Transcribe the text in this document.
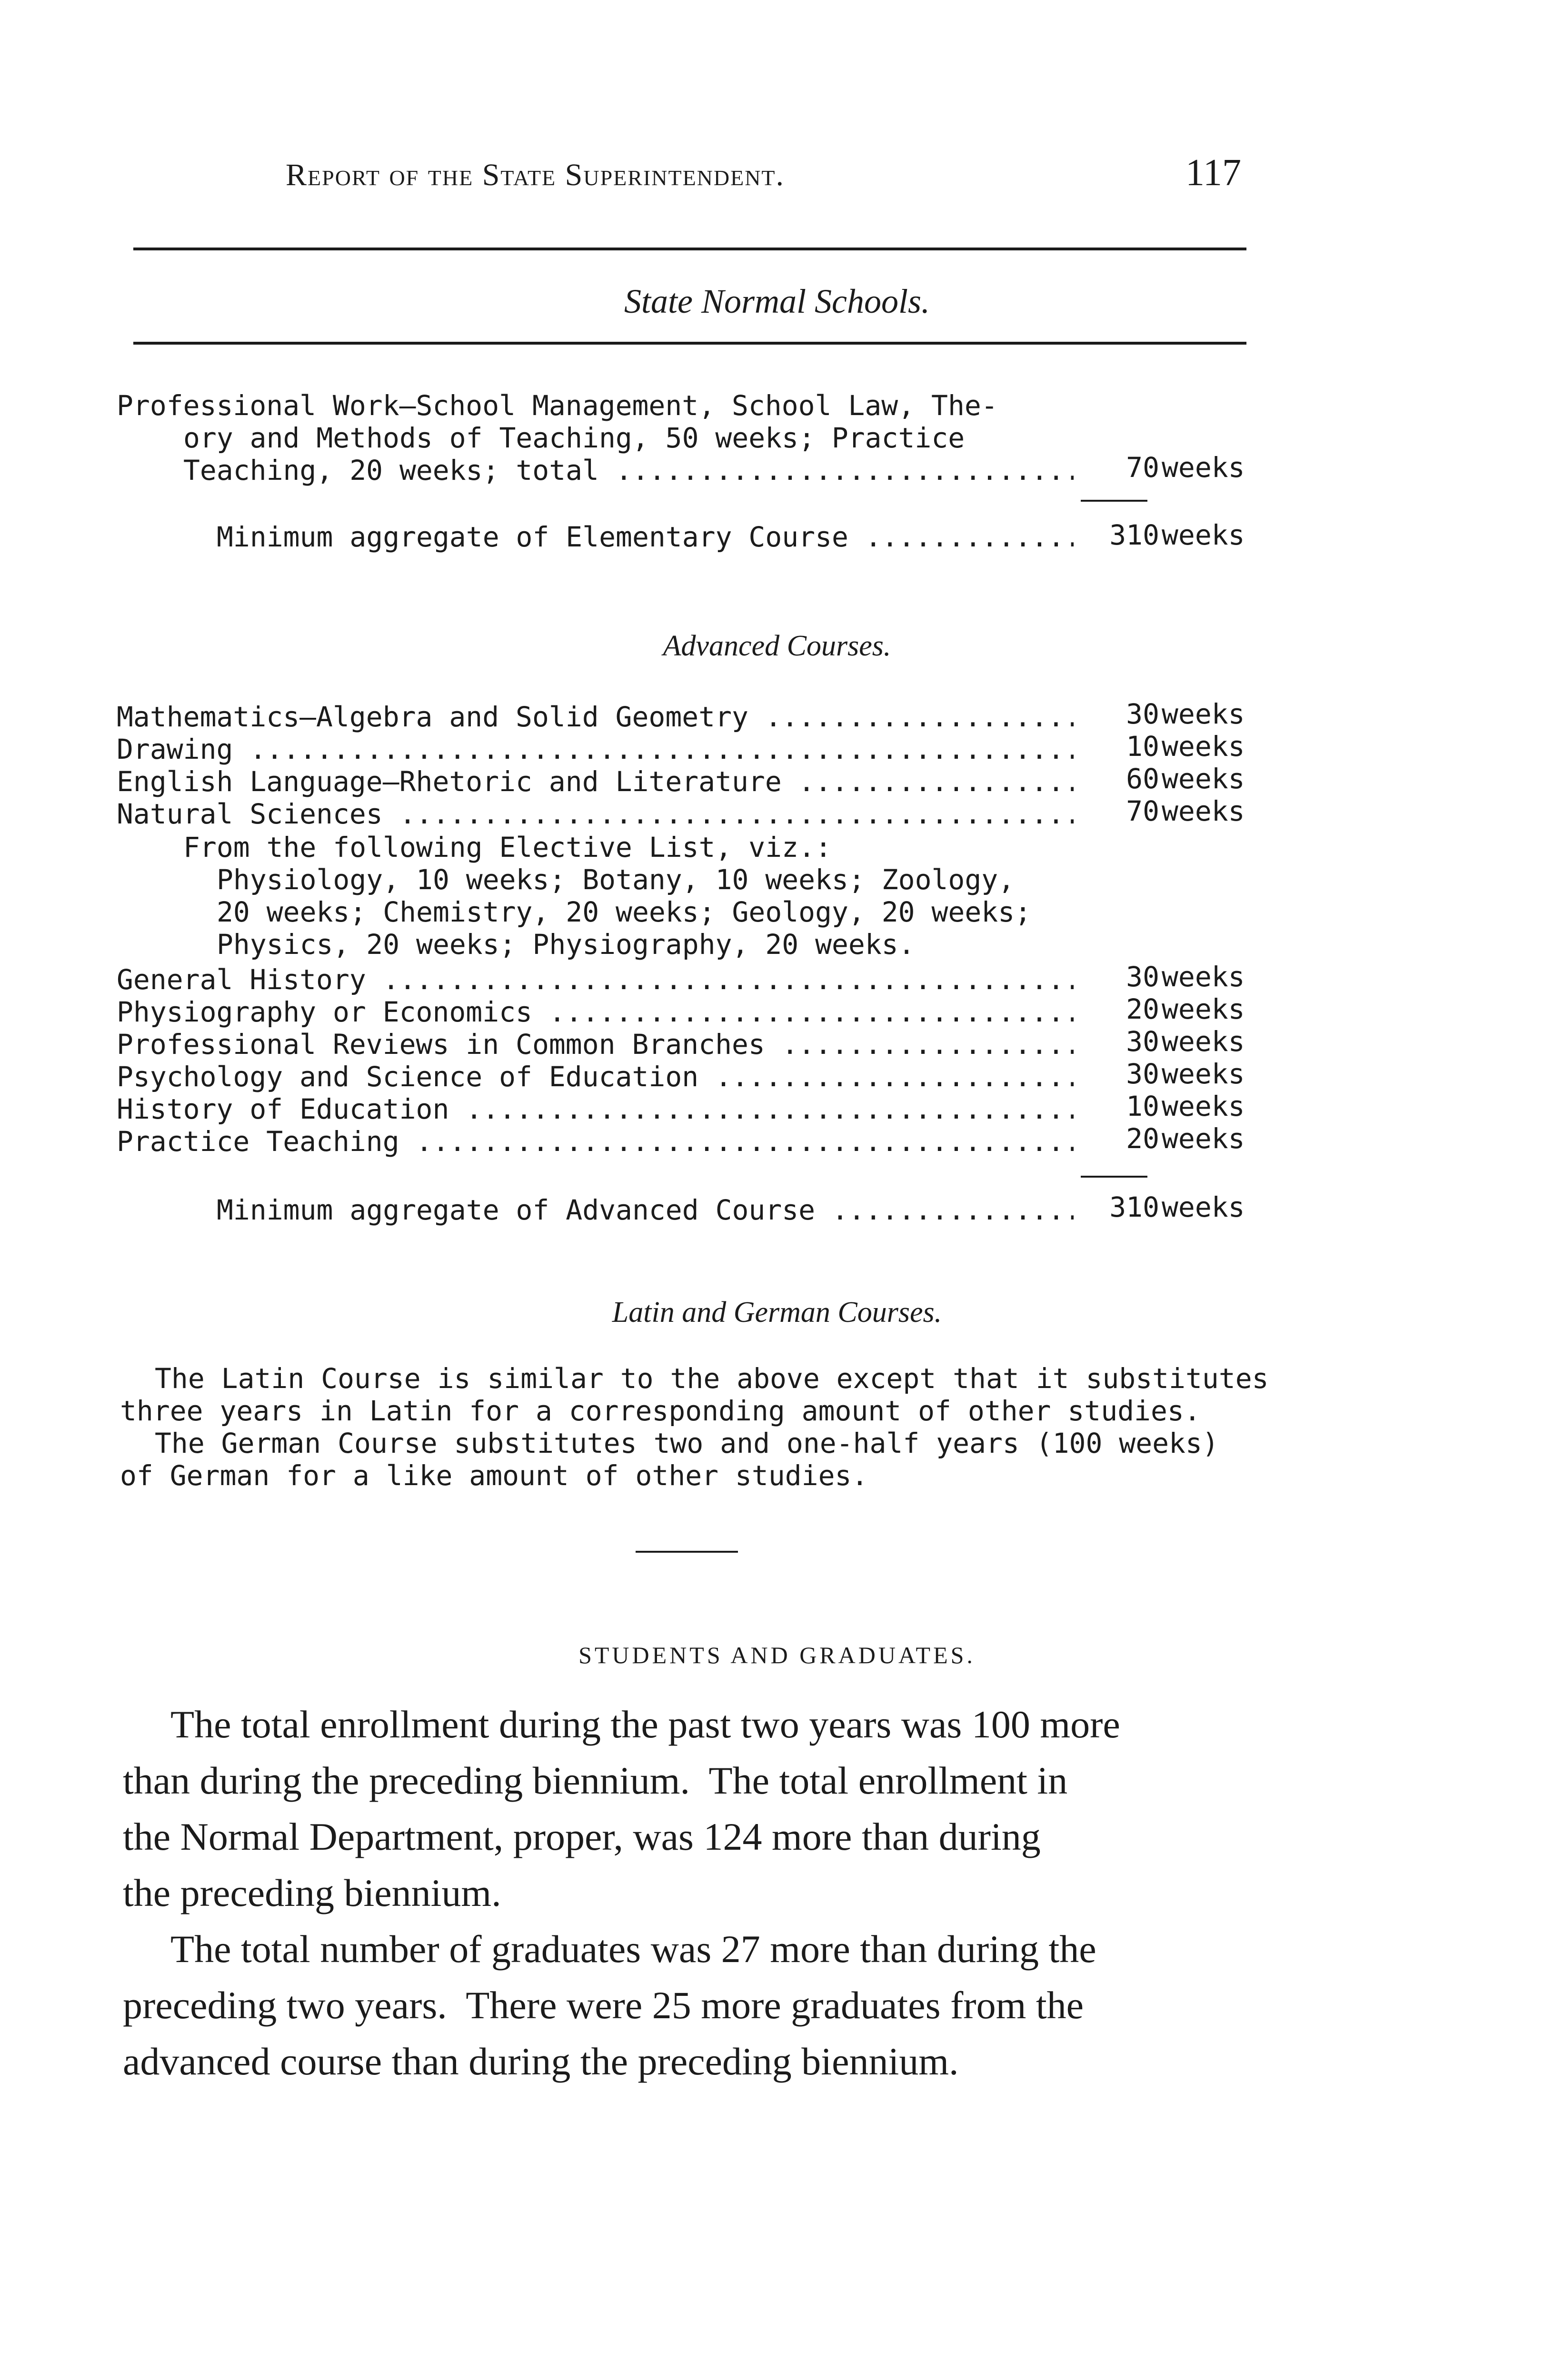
Report of the State Superintendent.	117
State Normal Schools.
Professional Work—School Management, School Law, The-
ory and Methods of Teaching, 50 weeks; Practice
Teaching, 20 weeks; total .....	70 weeks
Minimum aggregate of Elementary Course .....	310 weeks
Advanced Courses.
Mathematics—Algebra and Solid Geometry .....	30 weeks
Drawing .....	10 weeks
English Language—Rhetoric and Literature .....	60 weeks
Natural Sciences .....	70 weeks
From the following Elective List, viz.:
Physiology, 10 weeks; Botany, 10 weeks; Zoology,
20 weeks; Chemistry, 20 weeks; Geology, 20 weeks;
Physics, 20 weeks; Physiography, 20 weeks.
General History .....	30 weeks
Physiography or Economics .....	20 weeks
Professional Reviews in Common Branches .....	30 weeks
Psychology and Science of Education .....	30 weeks
History of Education .....	10 weeks
Practice Teaching .....	20 weeks
Minimum aggregate of Advanced Course .....	310 weeks
Latin and German Courses.
The Latin Course is similar to the above except that it substitutes
three years in Latin for a corresponding amount of other studies.
The German Course substitutes two and one-half years (100 weeks)
of German for a like amount of other studies.
STUDENTS AND GRADUATES.
The total enrollment during the past two years was 100 more
than during the preceding biennium.  The total enrollment in
the Normal Department, proper, was 124 more than during
the preceding biennium.
The total number of graduates was 27 more than during the
preceding two years.  There were 25 more graduates from the
advanced course than during the preceding biennium.
